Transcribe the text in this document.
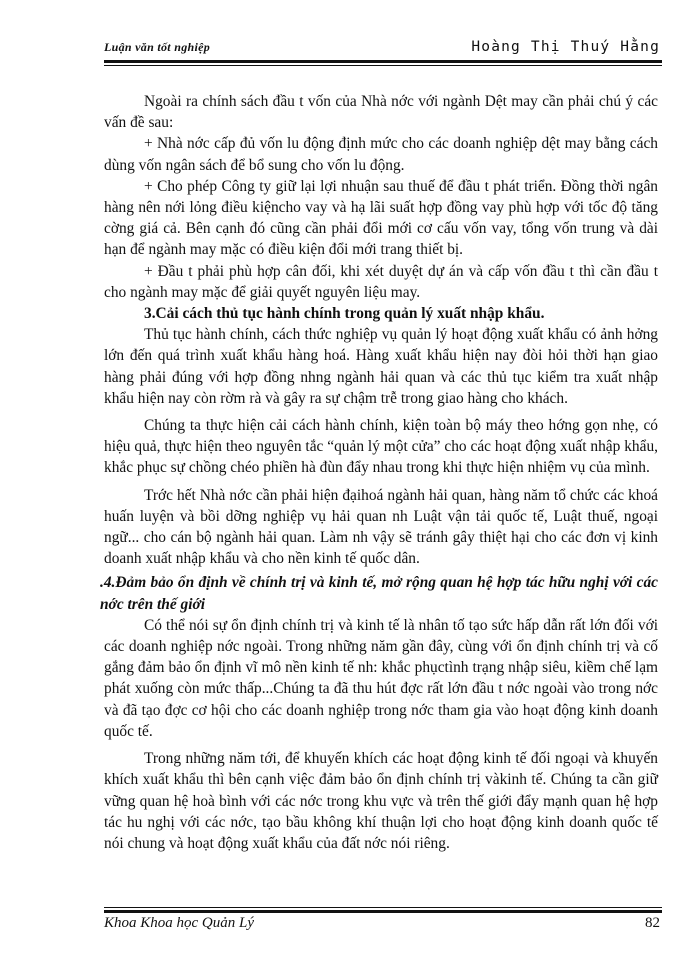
Luận văn tốt nghiệp	Hoàng Thị Thuý Hằng

Ngoài ra chính sách đầu t vốn của Nhà nớc với ngành Dệt may cần phải chú ý các vấn đề sau:

+ Nhà nớc cấp đủ vốn lu động định mức cho các doanh nghiệp dệt may bằng cách dùng vốn ngân sách để bổ sung cho vốn lu động.

+ Cho phép Công ty giữ lại lợi nhuận sau thuế để đầu t phát triển. Đồng thời ngân hàng nên nới lỏng điều kiệncho vay và hạ lãi suất hợp đồng vay phù hợp với tốc độ tăng cờng giá cả. Bên cạnh đó cũng cần phải đổi mới cơ cấu vốn vay, tổng vốn trung và dài hạn để ngành may mặc có điều kiện đổi mới trang thiết bị.

+ Đầu t phải phù hợp cân đối, khi xét duyệt dự án và cấp vốn đầu t thì cần đầu t cho ngành may mặc để giải quyết nguyên liệu may.

3.Cải cách thủ tục hành chính trong quản lý xuất nhập khẩu.

Thủ tục hành chính, cách thức nghiệp vụ quản lý hoạt động xuất khẩu có ảnh hởng lớn đến quá trình xuất khẩu hàng hoá. Hàng xuất khẩu hiện nay đòi hỏi thời hạn giao hàng phải đúng với hợp đồng nhng ngành hải quan và các thủ tục kiểm tra xuất nhập khẩu hiện nay còn rờm rà và gây ra sự chậm trễ trong giao hàng cho khách.

Chúng ta thực hiện cải cách hành chính, kiện toàn bộ máy theo hớng gọn nhẹ, có hiệu quả, thực hiện theo nguyên tắc “quản lý một cửa” cho các hoạt động xuất nhập khẩu, khắc phục sự chồng chéo phiền hà đùn đẩy nhau trong khi thực hiện nhiệm vụ của mình.

Trớc hết Nhà nớc cần phải hiện đạihoá ngành hải quan, hàng năm tổ chức các khoá huấn luyện và bồi dỡng nghiệp vụ hải quan nh Luật vận tải quốc tế, Luật thuế, ngoại ngữ... cho cán bộ ngành hải quan. Làm nh vậy sẽ tránh gây thiệt hại cho các đơn vị kinh doanh xuất nhập khẩu và cho nền kinh tế quốc dân.

.4.Đảm bảo ổn định về chính trị và kinh tế, mở rộng quan hệ hợp tác hữu nghị với các nớc trên thế giới

Có thể nói sự ổn định chính trị và kinh tế là nhân tố tạo sức hấp dẫn rất lớn đối với các doanh nghiệp nớc ngoài. Trong những năm gần đây, cùng với ổn định chính trị và cố gắng đảm bảo ổn định vĩ mô nền kinh tế nh: khắc phụctình trạng nhập siêu, kiềm chế lạm phát xuống còn mức thấp...Chúng ta đã thu hút đợc rất lớn đầu t nớc ngoài vào trong nớc và đã tạo đợc cơ hội cho các doanh nghiệp trong nớc tham gia vào hoạt động kinh doanh quốc tế.

Trong những năm tới, để khuyến khích các hoạt động kinh tế đối ngoại và khuyến khích xuất khẩu thì bên cạnh việc đảm bảo ổn định chính trị vàkinh tế. Chúng ta cần giữ vững quan hệ hoà bình với các nớc trong khu vực và trên thế giới đẩy mạnh quan hệ hợp tác hu nghị với các nớc, tạo bầu không khí thuận lợi cho hoạt động kinh doanh quốc tế nói chung và hoạt động xuất khẩu của đất nớc nói riêng.

Khoa Khoa học Quản Lý	82
